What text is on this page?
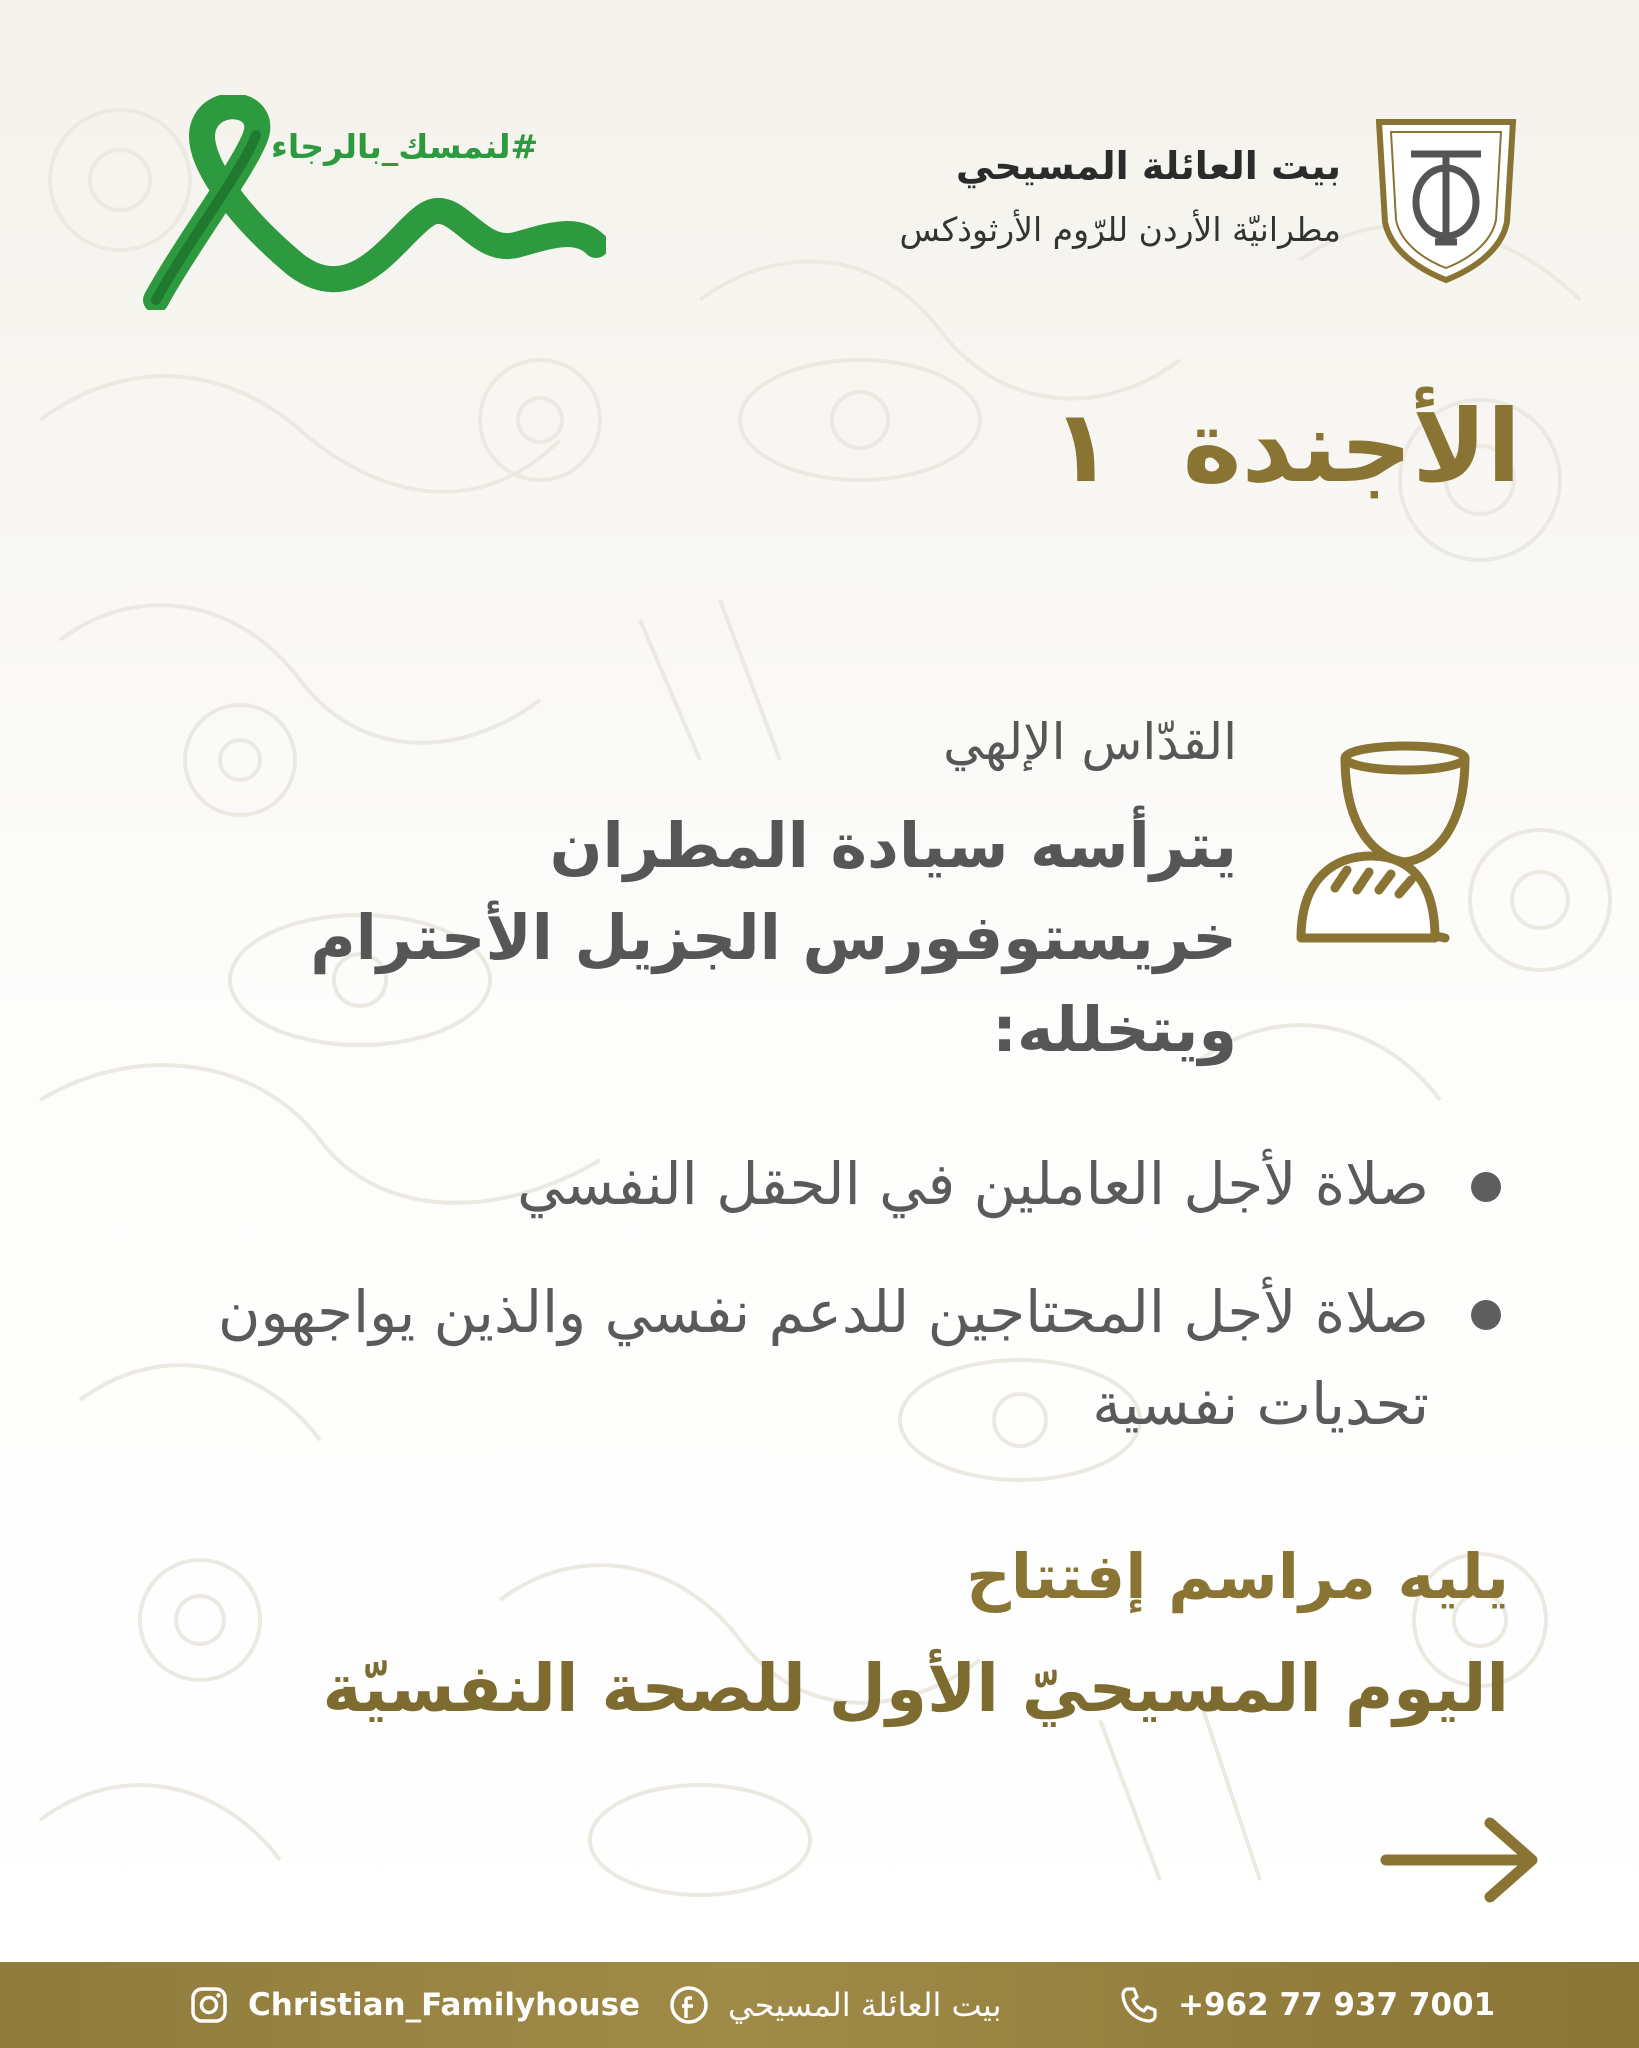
بيت العائلة المسيحي
مطرانيّة الأردن للرّوم الأرثوذكس
#لنمسك_بالرجاء
الأجندة١
القدّاس الإلهي
يترأسه سيادة المطران خريستوفورس الجزيل الأحترام ويتخلله:
صلاة لأجل العاملين في الحقل النفسي
صلاة لأجل المحتاجين للدعم نفسي والذين يواجهون تحديات نفسية
يليه مراسم إفتتاح
اليوم المسيحيّ الأول للصحة النفسيّة
Christian_Familyhouse	بيت العائلة المسيحي	+962 77 937 7001
